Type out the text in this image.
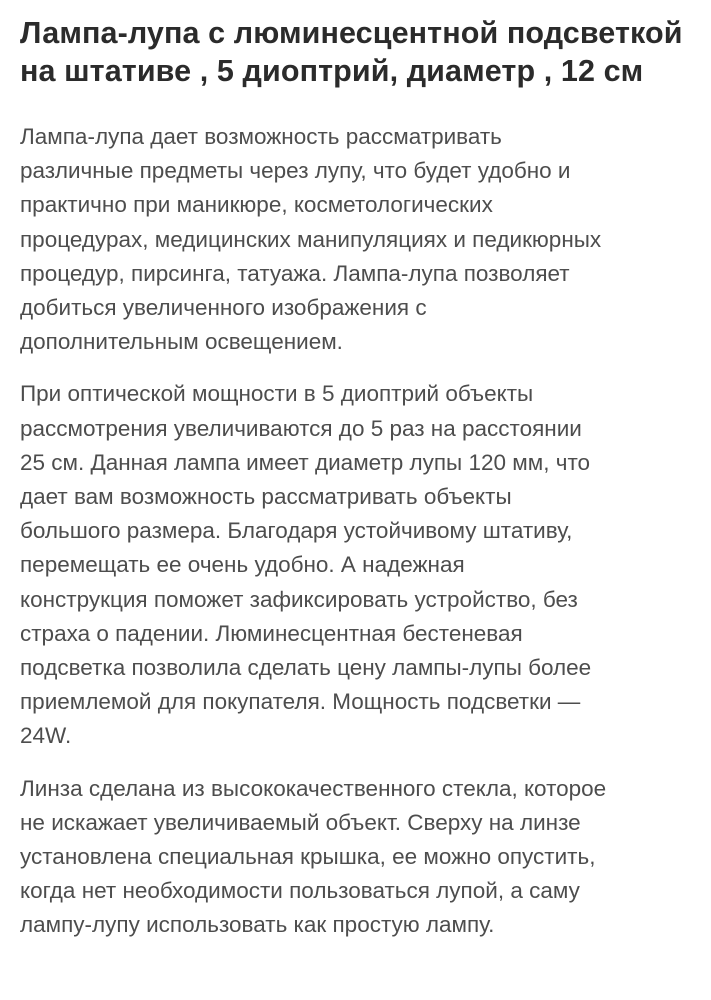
Лампа-лупа с люминесцентной подсветкой на штативе , 5 диоптрий, диаметр , 12 см

Лампа-лупа дает возможность рассматривать
различные предметы через лупу, что будет удобно и
практично при маникюре, косметологических
процедурах, медицинских манипуляциях и педикюрных
процедур, пирсинга, татуажа. Лампа-лупа позволяет
добиться увеличенного изображения с
дополнительным освещением.

При оптической мощности в 5 диоптрий объекты
рассмотрения увеличиваются до 5 раз на расстоянии
25 см. Данная лампа имеет диаметр лупы 120 мм, что
дает вам возможность рассматривать объекты
большого размера. Благодаря устойчивому штативу,
перемещать ее очень удобно. А надежная
конструкция поможет зафиксировать устройство, без
страха о падении. Люминесцентная бестеневая
подсветка позволила сделать цену лампы-лупы более
приемлемой для покупателя. Мощность подсветки —
24W.

Линза сделана из высококачественного стекла, которое
не искажает увеличиваемый объект. Сверху на линзе
установлена специальная крышка, ее можно опустить,
когда нет необходимости пользоваться лупой, а саму
лампу-лупу использовать как простую лампу.
